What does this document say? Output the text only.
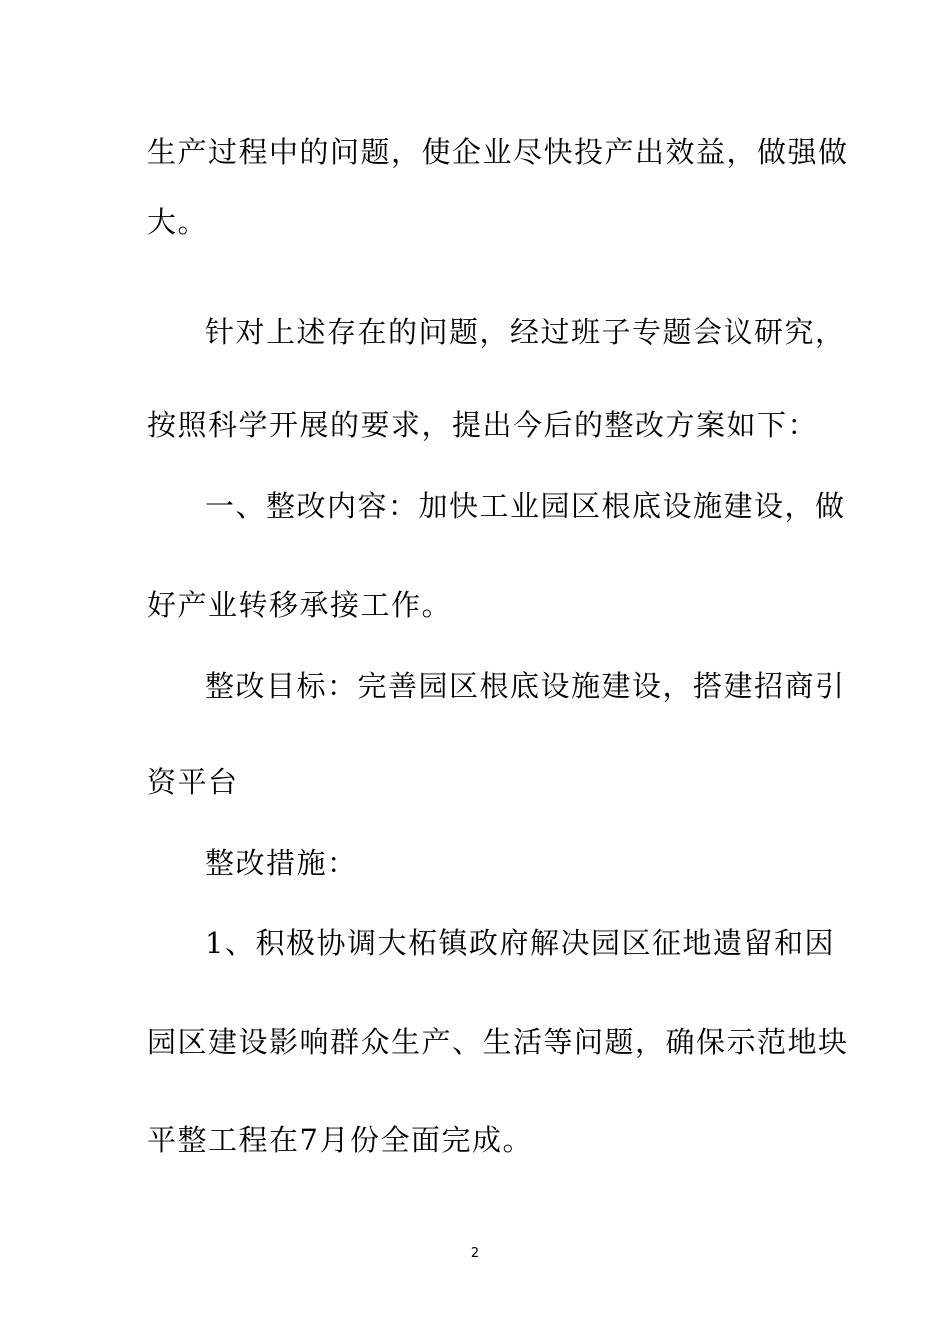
生产过程中的问题，使企业尽快投产出效益，做强做
大。
针对上述存在的问题，经过班子专题会议研究，
按照科学开展的要求，提出今后的整改方案如下：
一、整改内容：加快工业园区根底设施建设，做
好产业转移承接工作。
整改目标：完善园区根底设施建设，搭建招商引
资平台
整改措施：
1、积极协调大柘镇政府解决园区征地遗留和因
园区建设影响群众生产、生活等问题，确保示范地块
平整工程在7月份全面完成。
2
